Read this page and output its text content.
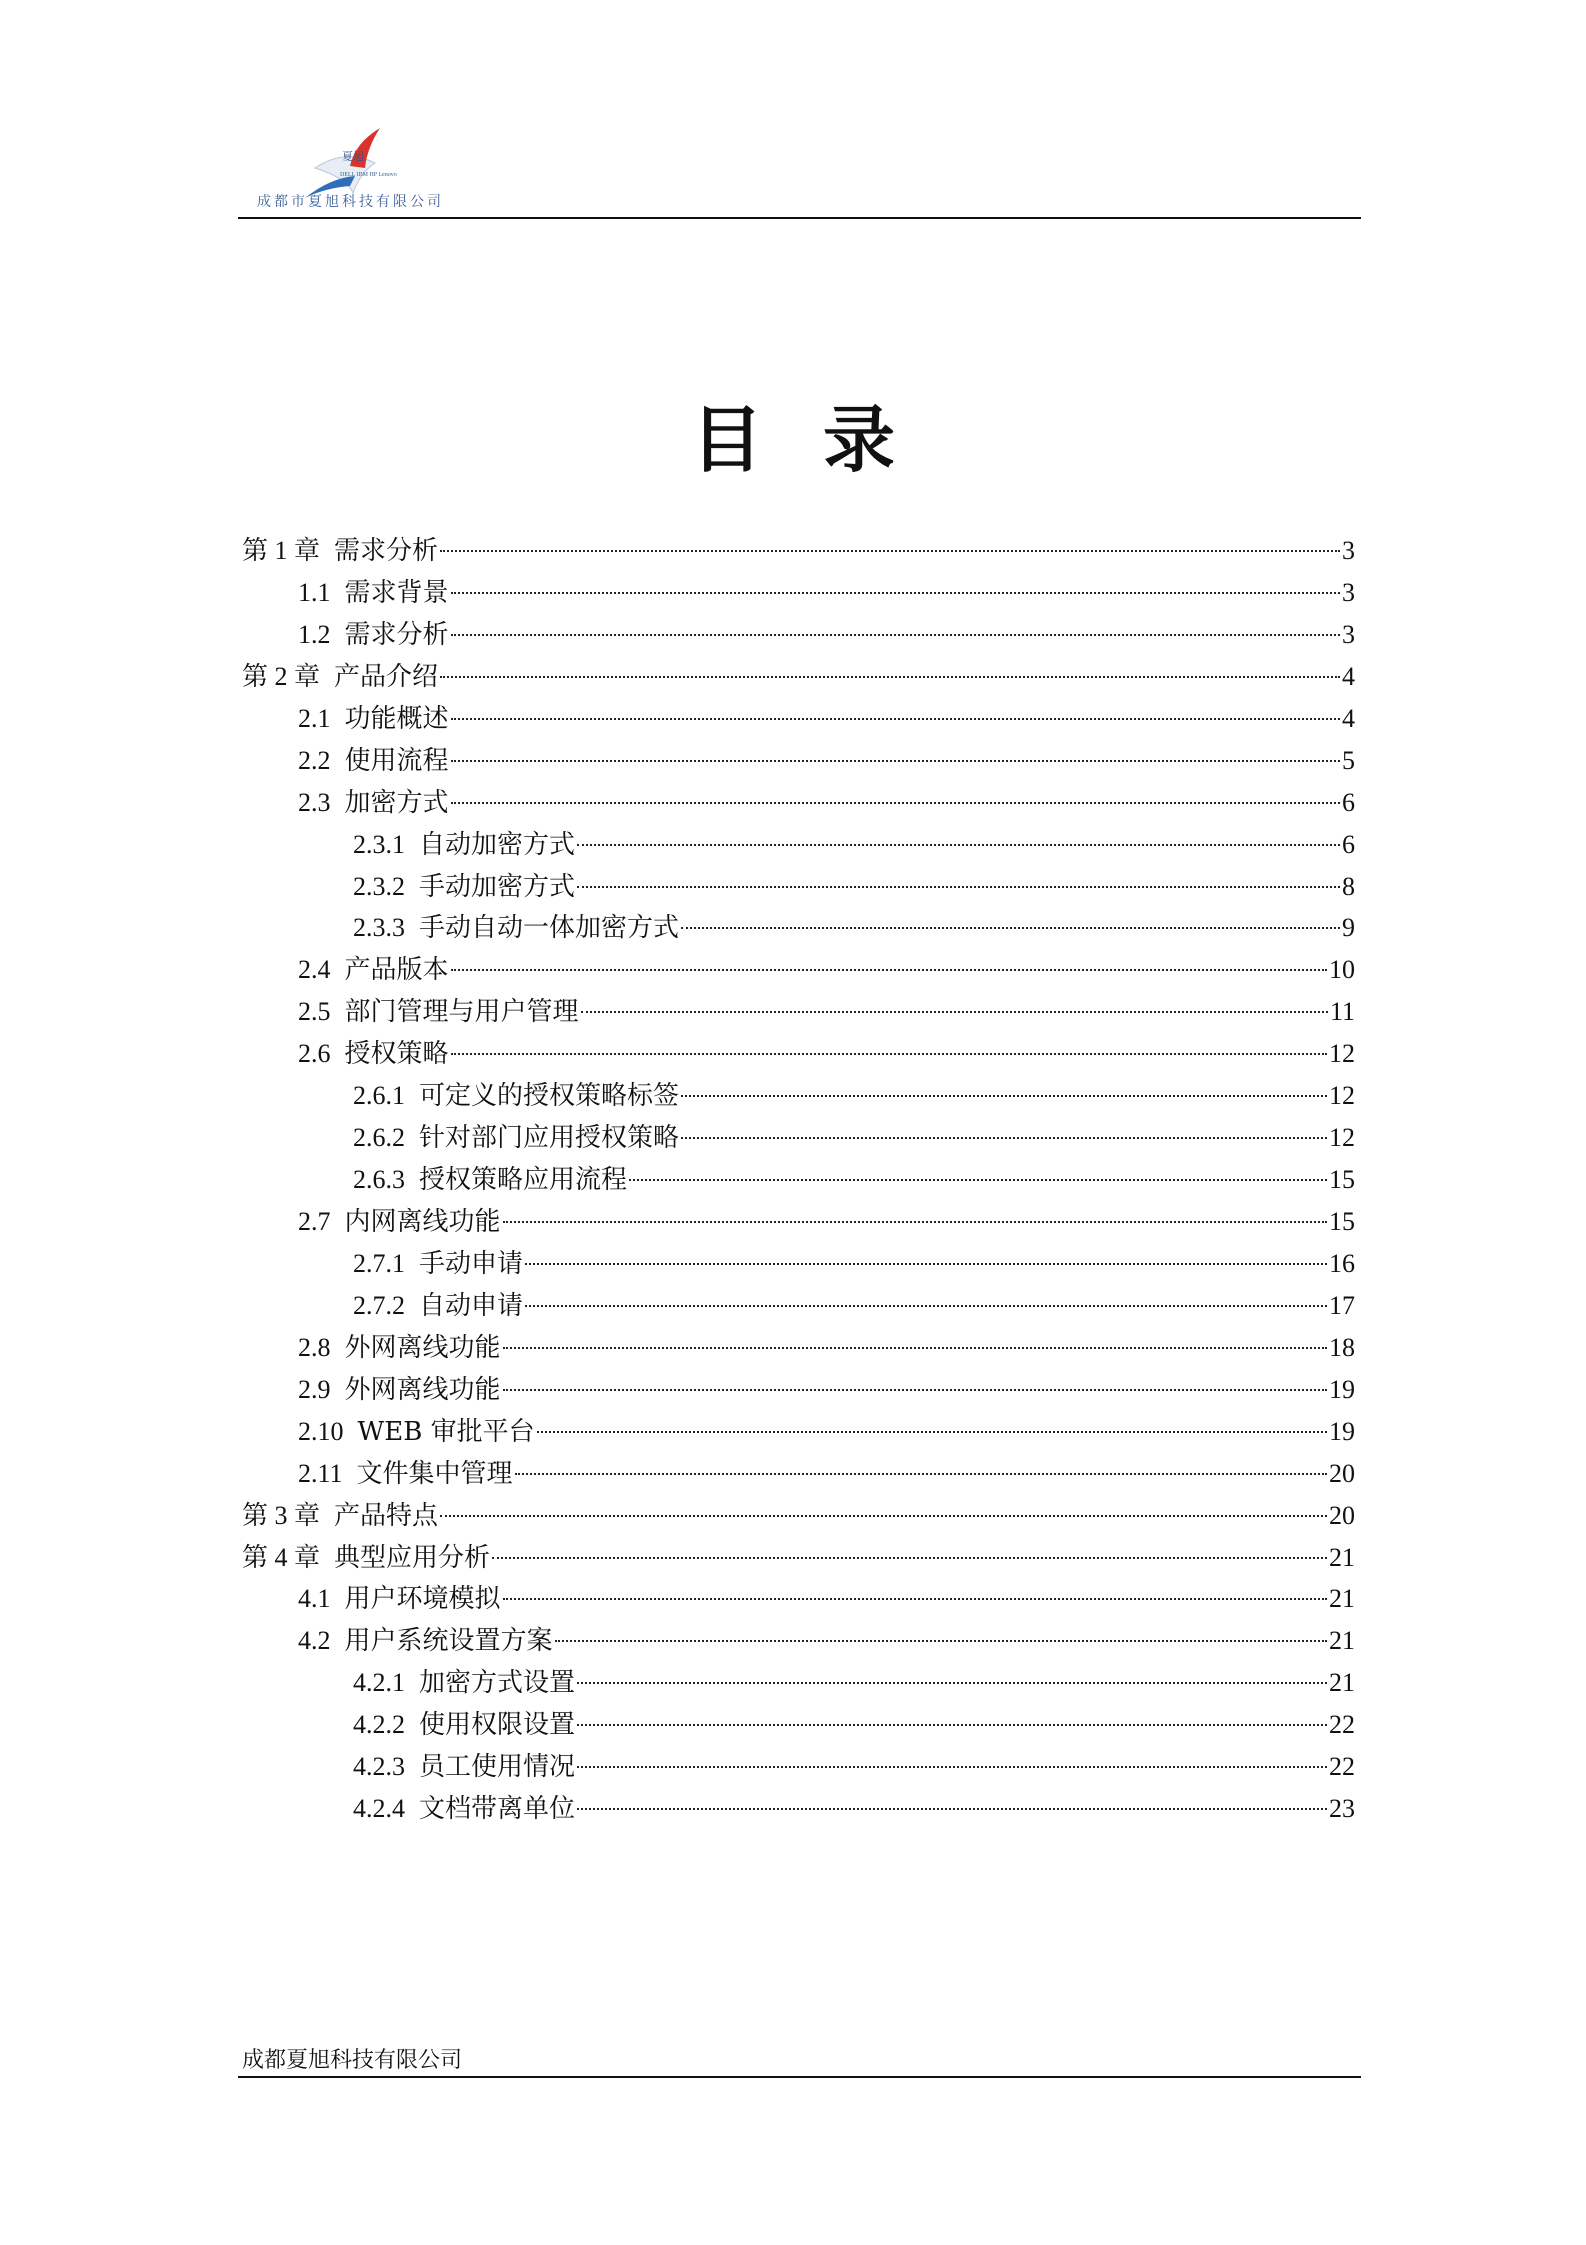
夏旭
DELL IBM HP Lenovo
成都市夏旭科技有限公司
目录
第 1 章 需求分析	3
1.1 需求背景	3
1.2 需求分析	3
第 2 章 产品介绍	4
2.1 功能概述	4
2.2 使用流程	5
2.3 加密方式	6
2.3.1 自动加密方式	6
2.3.2 手动加密方式	8
2.3.3 手动自动一体加密方式	9
2.4 产品版本	10
2.5 部门管理与用户管理	11
2.6 授权策略	12
2.6.1 可定义的授权策略标签	12
2.6.2 针对部门应用授权策略	12
2.6.3 授权策略应用流程	15
2.7 内网离线功能	15
2.7.1 手动申请	16
2.7.2 自动申请	17
2.8 外网离线功能	18
2.9 外网离线功能	19
2.10 WEB 审批平台	19
2.11 文件集中管理	20
第 3 章 产品特点	20
第 4 章 典型应用分析	21
4.1 用户环境模拟	21
4.2 用户系统设置方案	21
4.2.1 加密方式设置	21
4.2.2 使用权限设置	22
4.2.3 员工使用情况	22
4.2.4 文档带离单位	23
成都夏旭科技有限公司
